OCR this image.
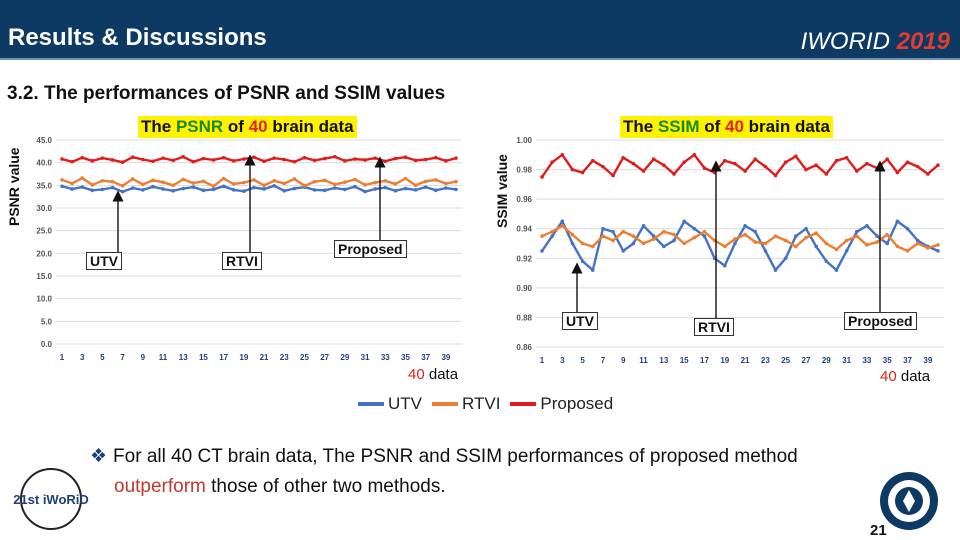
Results & Discussions	IWORID 2019
3.2. The performances of PSNR and SSIM values
0.0
5.0
10.0
15.0
20.0
25.0
30.0
35.0
40.0
45.0
1 3 5 7 9 11 13 15 17 19 21 23 25 27 29 31 33 35 37 39
0.86
0.88
0.90
0.92
0.94
0.96
0.98
1.00
1 3 5 7 9 11 13 15 17 19 21 23 25 27 29 31 33 35 37 39
The PSNR of 40 brain data
PSNR value
40 data
UTV	RTVI
Proposed
The SSIM of 40 brain data
SSIM value
40 data
UTV	RTVI	Proposed
UTV RTVI Proposed
❖ For all 40 CT brain data, The PSNR and SSIM performances of proposed method
outperform those of other two methods.
21st iWoRiD
21
